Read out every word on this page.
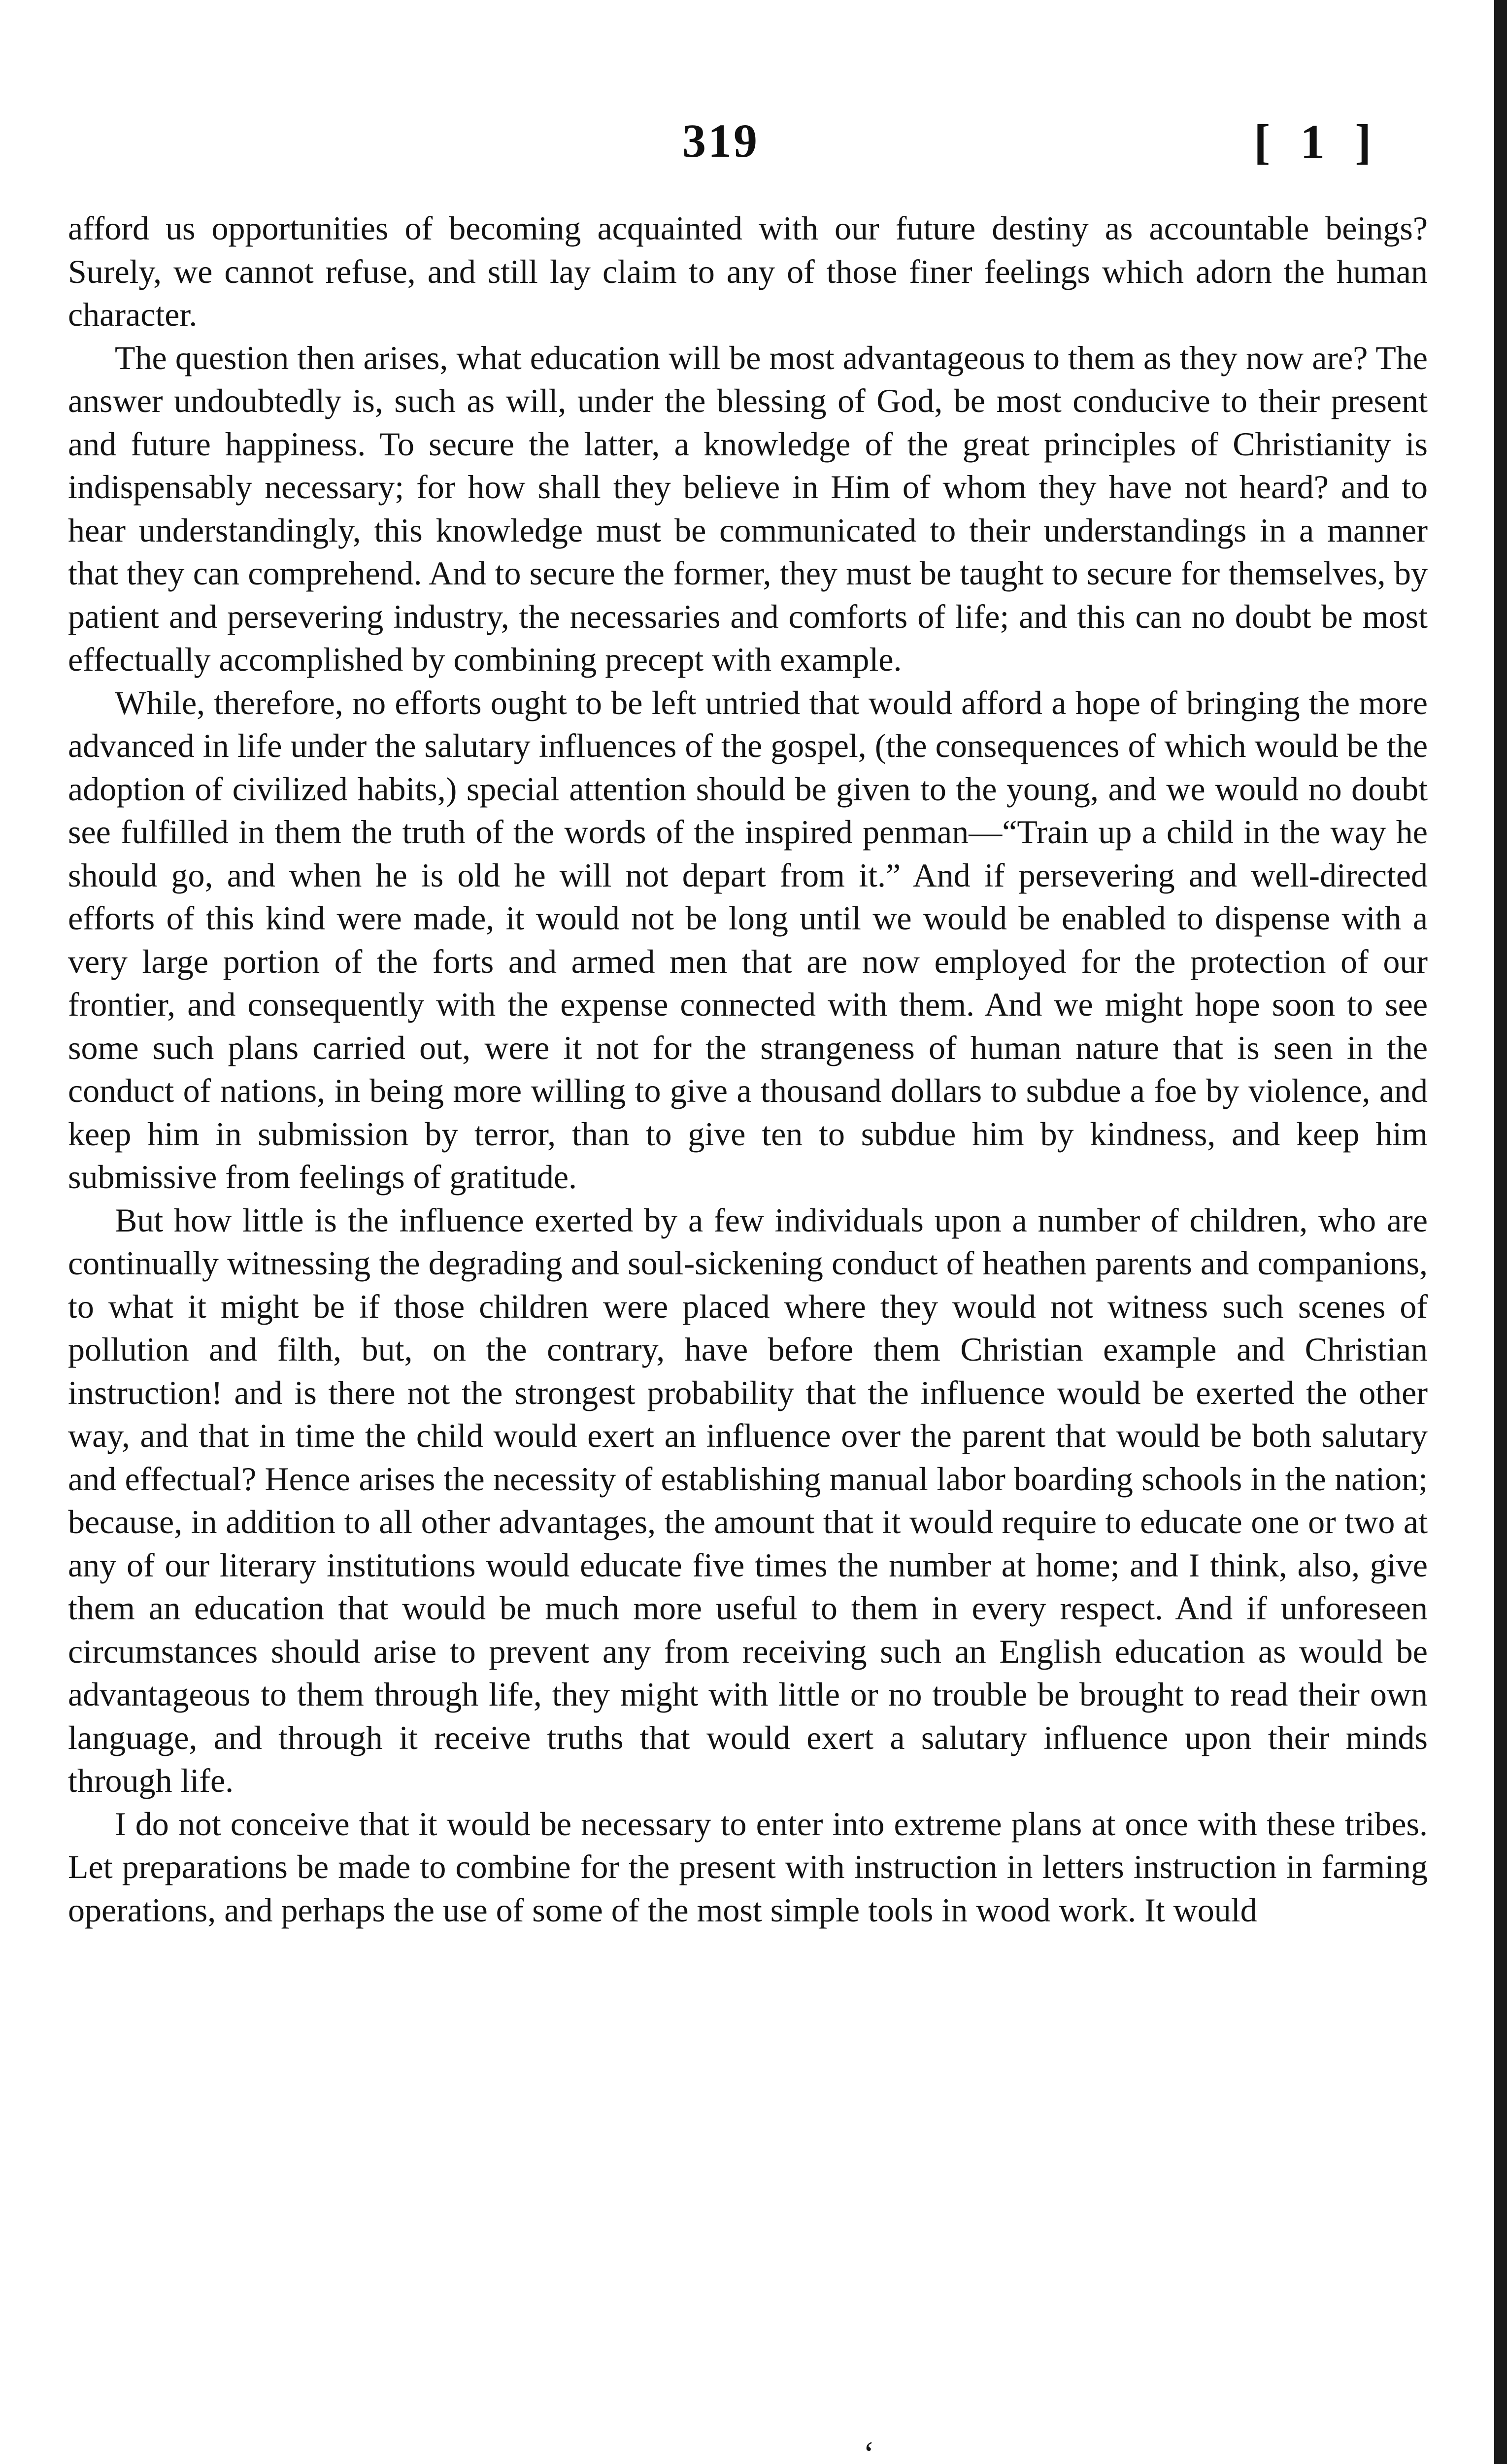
319	[ 1 ]

afford us opportunities of becoming acquainted with our future destiny as accountable beings? Surely, we cannot refuse, and still lay claim to any of those finer feelings which adorn the human character.

The question then arises, what education will be most advantageous to them as they now are? The answer undoubtedly is, such as will, under the blessing of God, be most conducive to their present and future happiness. To secure the latter, a knowledge of the great principles of Christianity is indispensably necessary; for how shall they believe in Him of whom they have not heard? and to hear understandingly, this knowledge must be communicated to their understandings in a manner that they can comprehend. And to secure the former, they must be taught to secure for themselves, by patient and persevering industry, the necessaries and comforts of life; and this can no doubt be most effectually accomplished by combining precept with example.

While, therefore, no efforts ought to be left untried that would afford a hope of bringing the more advanced in life under the salutary influences of the gospel, (the consequences of which would be the adoption of civilized habits,) special attention should be given to the young, and we would no doubt see fulfilled in them the truth of the words of the inspired penman—“Train up a child in the way he should go, and when he is old he will not depart from it.” And if persevering and well-directed efforts of this kind were made, it would not be long until we would be enabled to dispense with a very large portion of the forts and armed men that are now employed for the protection of our frontier, and consequently with the expense connected with them. And we might hope soon to see some such plans carried out, were it not for the strangeness of human nature that is seen in the conduct of nations, in being more willing to give a thousand dollars to subdue a foe by violence, and keep him in submission by terror, than to give ten to subdue him by kindness, and keep him submissive from feelings of gratitude.

But how little is the influence exerted by a few individuals upon a number of children, who are continually witnessing the degrading and soul-sickening conduct of heathen parents and companions, to what it might be if those children were placed where they would not witness such scenes of pollution and filth, but, on the contrary, have before them Christian example and Christian instruction! and is there not the strongest probability that the influence would be exerted the other way, and that in time the child would exert an influence over the parent that would be both salutary and effectual? Hence arises the necessity of establishing manual labor boarding schools in the nation; because, in addition to all other advantages, the amount that it would require to educate one or two at any of our literary institutions would educate five times the number at home; and I think, also, give them an education that would be much more useful to them in every respect. And if unforeseen circumstances should arise to prevent any from receiving such an English education as would be advantageous to them through life, they might with little or no trouble be brought to read their own language, and through it receive truths that would exert a salutary influence upon their minds through life.

I do not conceive that it would be necessary to enter into extreme plans at once with these tribes. Let preparations be made to combine for the present with instruction in letters instruction in farming operations, and perhaps the use of some of the most simple tools in wood work. It would

‘
